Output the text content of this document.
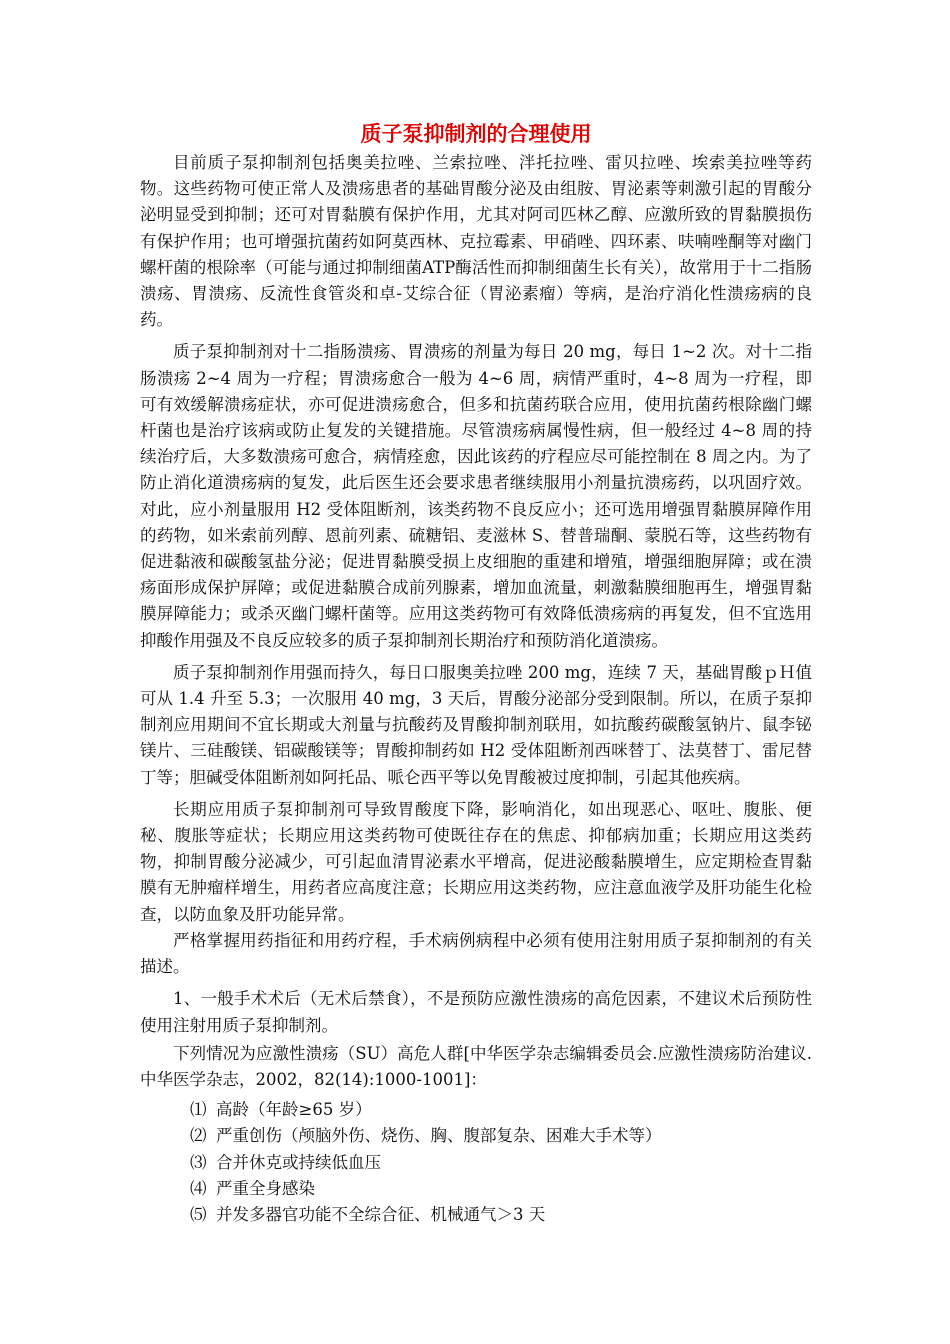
质子泵抑制剂的合理使用

目前质子泵抑制剂包括奥美拉唑、兰索拉唑、泮托拉唑、雷贝拉唑、埃索美拉唑等药物。这些药物可使正常人及溃疡患者的基础胃酸分泌及由组胺、胃泌素等刺激引起的胃酸分泌明显受到抑制；还可对胃黏膜有保护作用，尤其对阿司匹林乙醇、应激所致的胃黏膜损伤有保护作用；也可增强抗菌药如阿莫西林、克拉霉素、甲硝唑、四环素、呋喃唑酮等对幽门螺杆菌的根除率（可能与通过抑制细菌ATP酶活性而抑制细菌生长有关），故常用于十二指肠溃疡、胃溃疡、反流性食管炎和卓-艾综合征（胃泌素瘤）等病，是治疗消化性溃疡病的良药。

质子泵抑制剂对十二指肠溃疡、胃溃疡的剂量为每日 20 mg，每日 1~2 次。对十二指肠溃疡 2~4 周为一疗程；胃溃疡愈合一般为 4~6 周，病情严重时，4~8 周为一疗程，即可有效缓解溃疡症状，亦可促进溃疡愈合，但多和抗菌药联合应用，使用抗菌药根除幽门螺杆菌也是治疗该病或防止复发的关键措施。尽管溃疡病属慢性病，但一般经过 4~8 周的持续治疗后，大多数溃疡可愈合，病情痊愈，因此该药的疗程应尽可能控制在 8 周之内。为了防止消化道溃疡病的复发，此后医生还会要求患者继续服用小剂量抗溃疡药，以巩固疗效。对此，应小剂量服用 H2 受体阻断剂，该类药物不良反应小；还可选用增强胃黏膜屏障作用的药物，如米索前列醇、恩前列素、硫糖铝、麦滋林 S、替普瑞酮、蒙脱石等，这些药物有促进黏液和碳酸氢盐分泌；促进胃黏膜受损上皮细胞的重建和增殖，增强细胞屏障；或在溃疡面形成保护屏障；或促进黏膜合成前列腺素，增加血流量，刺激黏膜细胞再生，增强胃黏膜屏障能力；或杀灭幽门螺杆菌等。应用这类药物可有效降低溃疡病的再复发，但不宜选用抑酸作用强及不良反应较多的质子泵抑制剂长期治疗和预防消化道溃疡。

质子泵抑制剂作用强而持久，每日口服奥美拉唑 200 mg，连续 7 天，基础胃酸ｐＨ值可从 1.4 升至 5.3；一次服用 40 mg，3 天后，胃酸分泌部分受到限制。所以，在质子泵抑制剂应用期间不宜长期或大剂量与抗酸药及胃酸抑制剂联用，如抗酸药碳酸氢钠片、鼠李铋镁片、三硅酸镁、铝碳酸镁等；胃酸抑制药如 H2 受体阻断剂西咪替丁、法莫替丁、雷尼替丁等；胆碱受体阻断剂如阿托品、哌仑西平等以免胃酸被过度抑制，引起其他疾病。

长期应用质子泵抑制剂可导致胃酸度下降，影响消化，如出现恶心、呕吐、腹胀、便秘、腹胀等症状；长期应用这类药物可使既往存在的焦虑、抑郁病加重；长期应用这类药物，抑制胃酸分泌减少，可引起血清胃泌素水平增高，促进泌酸黏膜增生，应定期检查胃黏膜有无肿瘤样增生，用药者应高度注意；长期应用这类药物，应注意血液学及肝功能生化检查，以防血象及肝功能异常。

严格掌握用药指征和用药疗程，手术病例病程中必须有使用注射用质子泵抑制剂的有关描述。

1、一般手术术后（无术后禁食），不是预防应激性溃疡的高危因素，不建议术后预防性使用注射用质子泵抑制剂。

下列情况为应激性溃疡（SU）高危人群[中华医学杂志编辑委员会.应激性溃疡防治建议.中华医学杂志，2002，82(14):1000-1001]：

⑴ 高龄（年龄≥65 岁）
⑵ 严重创伤（颅脑外伤、烧伤、胸、腹部复杂、困难大手术等）
⑶ 合并休克或持续低血压
⑷ 严重全身感染
⑸ 并发多器官功能不全综合征、机械通气＞3 天
